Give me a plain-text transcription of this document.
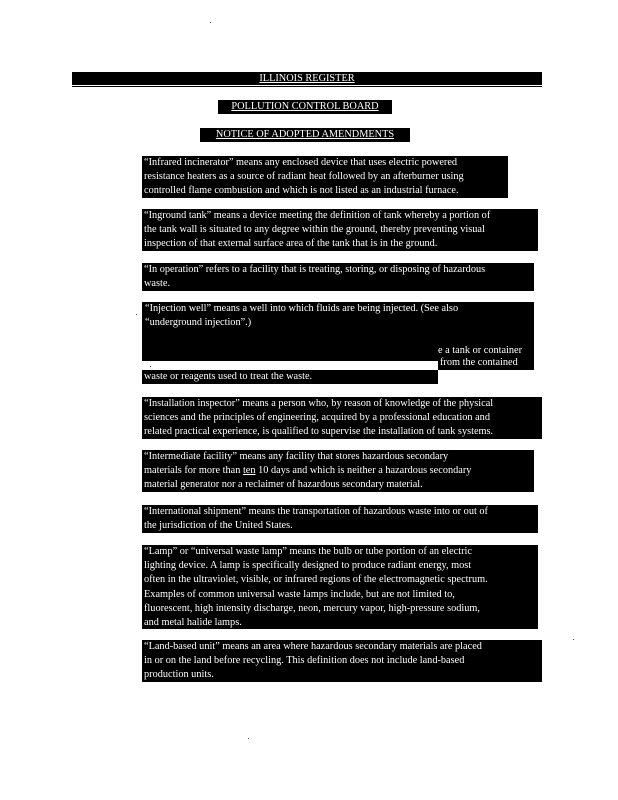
ILLINOIS REGISTER
POLLUTION CONTROL BOARD
NOTICE OF ADOPTED AMENDMENTS
“Infrared incinerator” means any enclosed device that uses electric powered
resistance heaters as a source of radiant heat followed by an afterburner using
controlled flame combustion and which is not listed as an industrial furnace.
“Inground tank” means a device meeting the definition of tank whereby a portion of
the tank wall is situated to any degree within the ground, thereby preventing visual
inspection of that external surface area of the tank that is in the ground.
“In operation” refers to a facility that is treating, storing, or disposing of hazardous
waste.
“Injection well” means a well into which fluids are being injected. (See also
“underground injection”.)
e a tank or container
from the contained
waste or reagents used to treat the waste.
“Installation inspector” means a person who, by reason of knowledge of the physical
sciences and the principles of engineering, acquired by a professional education and
related practical experience, is qualified to supervise the installation of tank systems.
“Intermediate facility” means any facility that stores hazardous secondary
materials for more than ten 10 days and which is neither a hazardous secondary
material generator nor a reclaimer of hazardous secondary material.
“International shipment” means the transportation of hazardous waste into or out of
the jurisdiction of the United States.
“Lamp” or “universal waste lamp” means the bulb or tube portion of an electric
lighting device. A lamp is specifically designed to produce radiant energy, most
often in the ultraviolet, visible, or infrared regions of the electromagnetic spectrum.
Examples of common universal waste lamps include, but are not limited to,
fluorescent, high intensity discharge, neon, mercury vapor, high-pressure sodium,
and metal halide lamps.
“Land-based unit” means an area where hazardous secondary materials are placed
in or on the land before recycling. This definition does not include land-based
production units.
